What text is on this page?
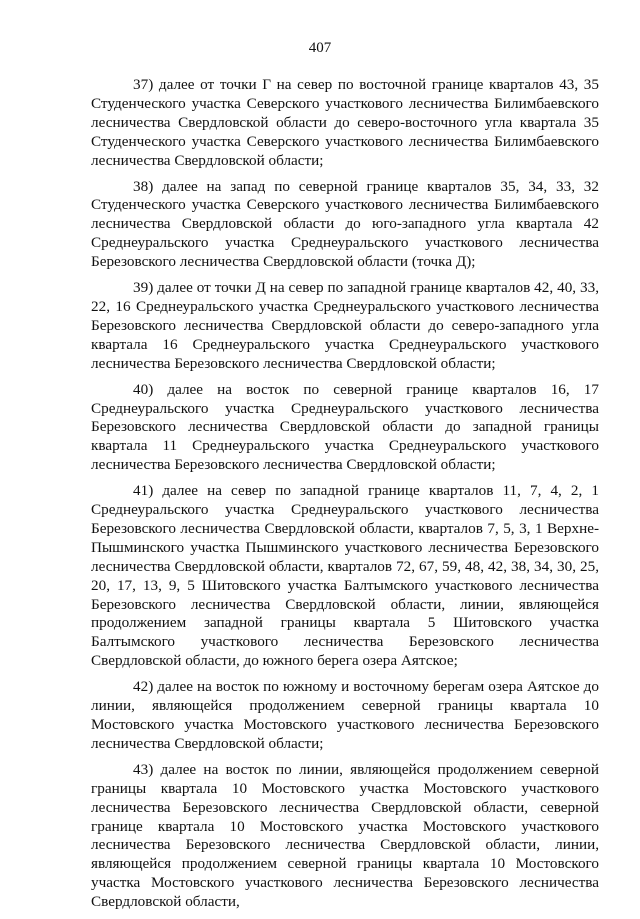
407

37) далее от точки Г на север по восточной границе кварталов 43, 35 Студенческого участка Северского участкового лесничества Билимбаевского лесничества Свердловской области до северо-восточного угла квартала 35 Студенческого участка Северского участкового лесничества Билимбаевского лесничества Свердловской области;

38) далее на запад по северной границе кварталов 35, 34, 33, 32 Студенческого участка Северского участкового лесничества Билимбаевского лесничества Свердловской области до юго-западного угла квартала 42 Среднеуральского участка Среднеуральского участкового лесничества Березовского лесничества Свердловской области (точка Д);

39) далее от точки Д на север по западной границе кварталов 42, 40, 33, 22, 16 Среднеуральского участка Среднеуральского участкового лесничества Березовского лесничества Свердловской области до северо-западного угла квартала 16 Среднеуральского участка Среднеуральского участкового лесничества Березовского лесничества Свердловской области;

40) далее на восток по северной границе кварталов 16, 17 Среднеуральского участка Среднеуральского участкового лесничества Березовского лесничества Свердловской области до западной границы квартала 11 Среднеуральского участка Среднеуральского участкового лесничества Березовского лесничества Свердловской области;

41) далее на север по западной границе кварталов 11, 7, 4, 2, 1 Среднеуральского участка Среднеуральского участкового лесничества Березовского лесничества Свердловской области, кварталов 7, 5, 3, 1 Верхне-Пышминского участка Пышминского участкового лесничества Березовского лесничества Свердловской области, кварталов 72, 67, 59, 48, 42, 38, 34, 30, 25, 20, 17, 13, 9, 5 Шитовского участка Балтымского участкового лесничества Березовского лесничества Свердловской области, линии, являющейся продолжением западной границы квартала 5 Шитовского участка Балтымского участкового лесничества Березовского лесничества Свердловской области, до южного берега озера Аятское;

42) далее на восток по южному и восточному берегам озера Аятское до линии, являющейся продолжением северной границы квартала 10 Мостовского участка Мостовского участкового лесничества Березовского лесничества Свердловской области;

43) далее на восток по линии, являющейся продолжением северной границы квартала 10 Мостовского участка Мостовского участкового лесничества Березовского лесничества Свердловской области, северной границе квартала 10 Мостовского участка Мостовского участкового лесничества Березовского лесничества Свердловской области, линии, являющейся продолжением северной границы квартала 10 Мостовского участка Мостовского участкового лесничества Березовского лесничества Свердловской области,
